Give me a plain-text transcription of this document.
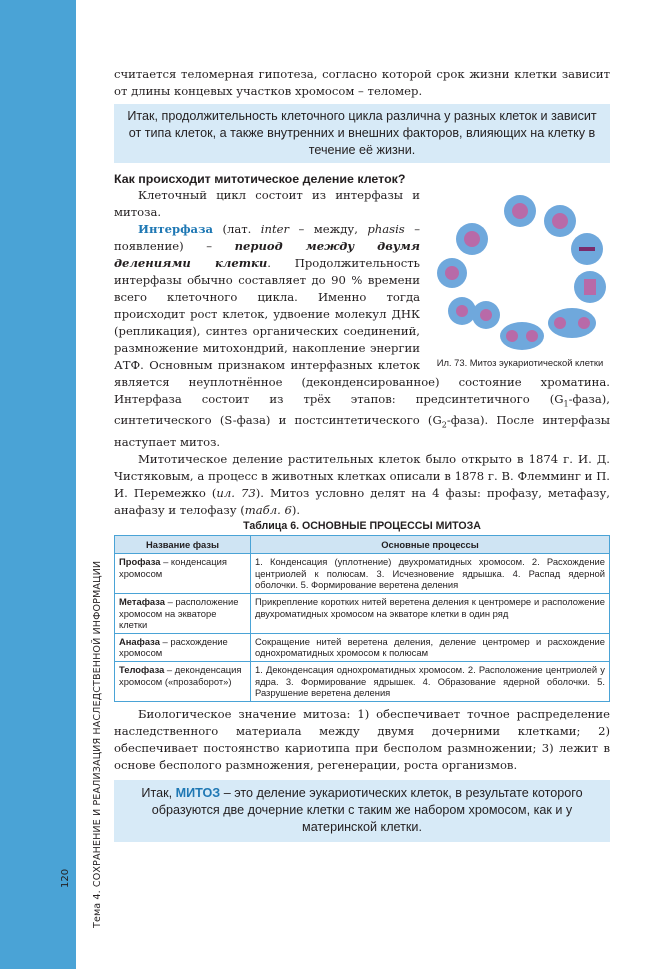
Тема 4. СОХРАНЕНИЕ И РЕАЛИЗАЦИЯ НАСЛЕДСТВЕННОЙ ИНФОРМАЦИИ
120

считается теломерная гипотеза, согласно которой срок жизни клетки зависит от длины концевых участков хромосом – теломер.

Итак, продолжительность клеточного цикла различна у разных клеток и зависит от типа клеток, а также внутренних и внешних факторов, влияющих на клетку в течение её жизни.
Как происходит митотическое деление клеток?
Ил. 73. Митоз эукариотической клетки

Клеточный цикл состоит из интерфазы и митоза.

Интерфаза (лат. inter – между, phasis – появление) – период между двумя делениями клетки. Продолжительность интерфазы обычно составляет до 90 % времени всего клеточного цикла. Именно тогда происходит рост клеток, удвоение молекул ДНК (репликация), синтез органических соединений, размножение митохондрий, накопление энергии АТФ. Основным признаком интерфазных клеток является неуплотнённое (деконденсированное) состояние хроматина. Интерфаза состоит из трёх этапов: предсинтетичного $(G_1-фаза)$, синтетического (S-фаза) и постсинтетического $(G_2-фаза)$. После интерфазы наступает митоз.

Митотическое деление растительных клеток было открыто в 1874 г. И. Д. Чистяковым, а процесс в животных клетках описали в 1878 г. В. Флемминг и П. И. Перемежко (ил. 73). Митоз условно делят на 4 фазы: профазу, метафазу, анафазу и телофазу (табл. 6).

Таблица 6. ОСНОВНЫЕ ПРОЦЕССЫ МИТОЗА
Название фазы	Основные процессы
Профаза – конденсация хромосом	1. Конденсация (уплотнение) двухроматидных хромосом. 2. Расхождение центриолей к полюсам. 3. Исчезновение ядрышка. 4. Распад ядерной оболочки. 5. Формирование веретена деления
Метафаза – расположение хромосом на экваторе клетки	Прикрепление коротких нитей веретена деления к центромере и расположение двухроматидных хромосом на экваторе клетки в один ряд
Анафаза – расхождение хромосом	Сокращение нитей веретена деления, деление центромер и расхождение однохроматидных хромосом к полюсам
Телофаза – деконденсация хромосом («прозаборот»)	1. Деконденсация однохроматидных хромосом. 2. Расположение центриолей у ядра. 3. Формирование ядрышек. 4. Образование ядерной оболочки. 5. Разрушение веретена деления

Биологическое значение митоза: 1) обеспечивает точное распределение наследственного материала между двумя дочерними клетками; 2) обеспечивает постоянство кариотипа при бесполом размножении; 3) лежит в основе бесполого размножения, регенерации, роста организмов.

Итак, МИТОЗ – это деление эукариотических клеток, в результате которого образуются две дочерние клетки с таким же набором хромосом, как и у материнской клетки.
